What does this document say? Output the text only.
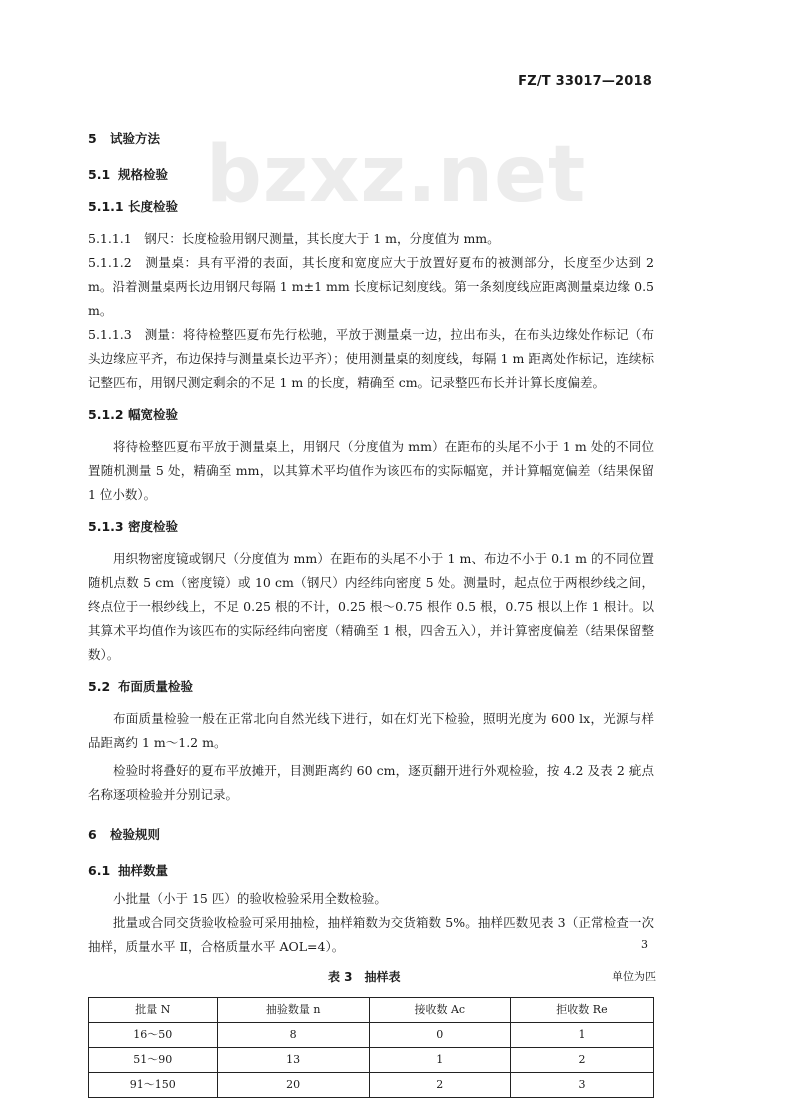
FZ/T 33017—2018
bzxz.net
5 试验方法
5.1 规格检验
5.1.1 长度检验
5.1.1.1　钢尺：长度检验用钢尺测量，其长度大于 1 m，分度值为 mm。
5.1.1.2　测量桌：具有平滑的表面，其长度和宽度应大于放置好夏布的被测部分，长度至少达到 2 m。沿着测量桌两长边用钢尺每隔 1 m±1 mm 长度标记刻度线。第一条刻度线应距离测量桌边缘 0.5 m。
5.1.1.3　测量：将待检整匹夏布先行松驰，平放于测量桌一边，拉出布头，在布头边缘处作标记（布头边缘应平齐，布边保持与测量桌长边平齐）；使用测量桌的刻度线，每隔 1 m 距离处作标记，连续标记整匹布，用钢尺测定剩余的不足 1 m 的长度，精确至 cm。记录整匹布长并计算长度偏差。
5.1.2 幅宽检验
将待检整匹夏布平放于测量桌上，用钢尺（分度值为 mm）在距布的头尾不小于 1 m 处的不同位置随机测量 5 处，精确至 mm，以其算术平均值作为该匹布的实际幅宽，并计算幅宽偏差（结果保留 1 位小数）。
5.1.3 密度检验
用织物密度镜或钢尺（分度值为 mm）在距布的头尾不小于 1 m、布边不小于 0.1 m 的不同位置随机点数 5 cm（密度镜）或 10 cm（钢尺）内经纬向密度 5 处。测量时，起点位于两根纱线之间，终点位于一根纱线上，不足 0.25 根的不计，0.25 根～0.75 根作 0.5 根，0.75 根以上作 1 根计。以其算术平均值作为该匹布的实际经纬向密度（精确至 1 根，四舍五入），并计算密度偏差（结果保留整数）。
5.2 布面质量检验
布面质量检验一般在正常北向自然光线下进行，如在灯光下检验，照明光度为 600 lx，光源与样品距离约 1 m～1.2 m。
检验时将叠好的夏布平放摊开，目测距离约 60 cm，逐页翻开进行外观检验，按 4.2 及表 2 疵点名称逐项检验并分别记录。
6 检验规则
6.1 抽样数量
小批量（小于 15 匹）的验收检验采用全数检验。
批量或合同交货验收检验可采用抽检，抽样箱数为交货箱数 5%。抽样匹数见表 3（正常检查一次抽样，质量水平 Ⅱ，合格质量水平 AOL=4）。
表 3　抽样表	单位为匹
批量 N	抽验数量 n	接收数 Ac	拒收数 Re
16～50	8	0	1
51～90	13	1	2
91～150	20	2	3
3
